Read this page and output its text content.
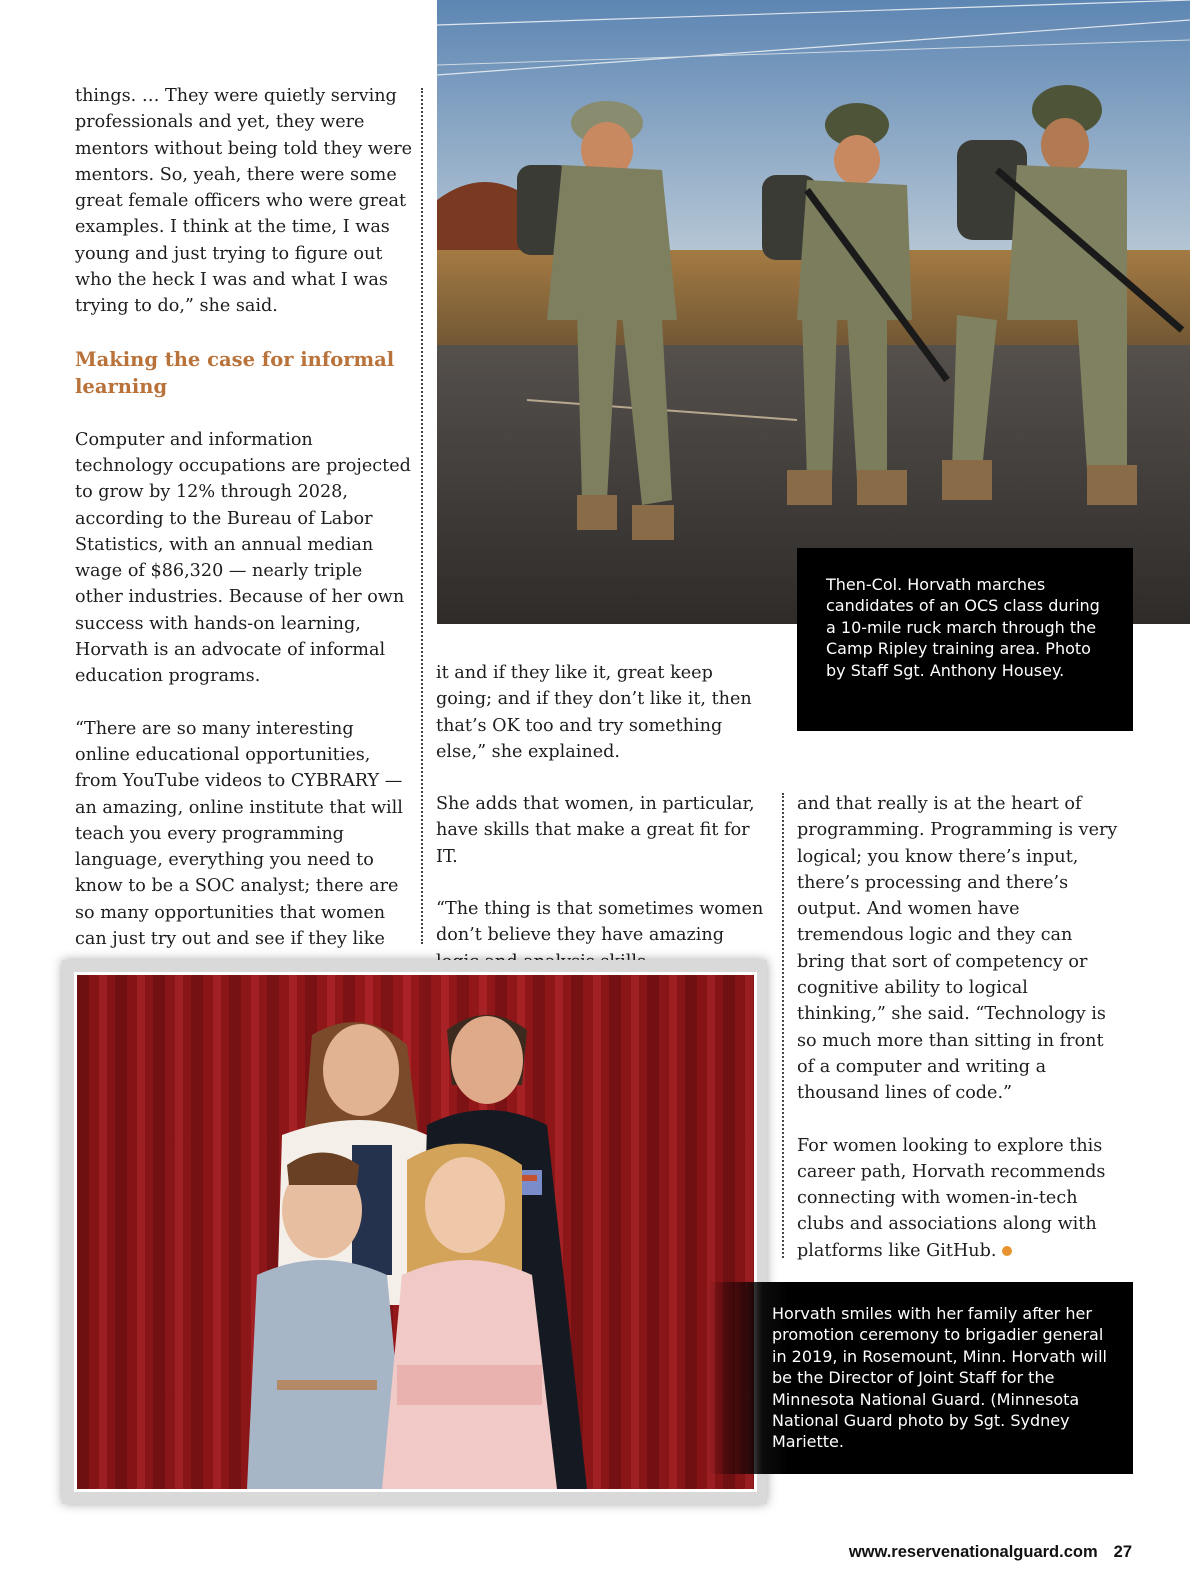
Then-Col. Horvath marches candidates of an OCS class during a 10-mile ruck march through the Camp Ripley training area. Photo by Staff Sgt. Anthony Housey.

things. … They were quietly serving professionals and yet, they were mentors without being told they were mentors. So, yeah, there were some great female officers who were great examples. I think at the time, I was young and just trying to figure out who the heck I was and what I was trying to do,” she said.

Making the case for informal learning

Computer and information technology occupations are projected to grow by 12% through 2028, according to the Bureau of Labor Statistics, with an annual median wage of $86,320 — nearly triple other industries. Because of her own success with hands-on learning, Horvath is an advocate of informal education programs.

“There are so many interesting online educational opportunities, from YouTube videos to CYBRARY — an amazing, online institute that will teach you every programming language, everything you need to know to be a SOC analyst; there are so many opportunities that women can just try out and see if they like

it and if they like it, great keep going; and if they don’t like it, then that’s OK too and try something else,” she explained.

She adds that women, in particular, have skills that make a great fit for IT.

“The thing is that sometimes women don’t believe they have amazing

and that really is at the heart of programming. Programming is very logical; you know there’s input, there’s processing and there’s output. And women have tremendous logic and they can bring that sort of competency or cognitive ability to logical thinking,” she said. “Technology is so much more than sitting in front of a computer and writing a thousand lines of code.”

For women looking to explore this career path, Horvath recommends connecting with women-in-tech clubs and associations along with platforms like GitHub.

Horvath smiles with her family after her promotion ceremony to brigadier general in 2019, in Rosemount, Minn. Horvath will be the Director of Joint Staff for the Minnesota National Guard. (Minnesota National Guard photo by Sgt. Sydney Mariette.
www.reservenationalguard.com 27
